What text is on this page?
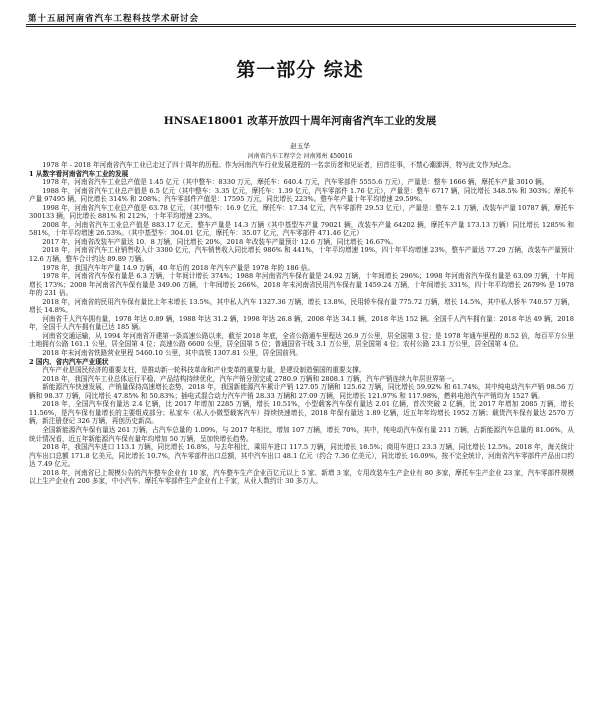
第十五届河南省汽车工程科技学术研讨会
第一部分 综述
HNSAE18001 改革开放四十周年河南省汽车工业的发展
赵玉华
河南省汽车工程学会 河南郑州 450016

1978 年 - 2018 年河南省汽车工业已走过了四十周年的历程。作为河南汽车行业发展进程的一名亲历者和见证者，回首往事，不禁心潮澎湃，特写此文作为纪念。

1 从数字看河南省汽车工业的发展

1978 年，河南省汽车工业总产值是 1.45 亿元（其中整车：8330 万元，摩托车：640.4 万元，汽车零部件 5555.6 万元），产量是：整车 1666 辆，摩托车产量 3010 辆。

1988 年，河南省汽车工业总产值是 6.5 亿元（其中整车：3.35 亿元，摩托车：1.39 亿元，汽车零部件 1.76 亿元），产量是：整车 6717 辆，同比增长 348.5% 和 303%；摩托车产量 97495 辆，同比增长 314% 和 208%；汽车零部件产值是：17595 万元，同比增长 223%。整车年产量十年平均增速 29.59%。

1998 年，河南省汽车工业总产值是 63.78 亿元，（其中整车：16.9 亿元，摩托车：17.34 亿元，汽车零部件 29.53 亿元），产量是：整车 2.1 万辆，改装车产量 10787 辆，摩托车 300133 辆，同比增长 881% 和 212%，十年平均增速 23%。

2008 年，河南省汽车工业总产值是 883.17 亿元，整车产量是 14.3 万辆（其中基型车产量 79021 辆，改装车产量 64202 辆，摩托车产量 173.13 万辆）同比增长 1285% 和 581%，十年平均增速 26.53%。（其中基型车：304.01 亿元，摩托车：35.07 亿元，汽车零部件 471.46 亿元）

2017 年，河南省改装车产量达 10．8 万辆，同比增长 20%，2018 年改装车产量预计 12.6 万辆，同比增长 16.67%。

2018 年，河南省汽车工业销售收入计 3300 亿元，汽车销售收入同比增长 986% 和 441%，十年平均增速 19%，四十年平均增速 23%，整车产量达 77.29 万辆，改装车产量预计 12.6 万辆，整车合计约达 89.89 万辆。

1978 年，我国汽车年产量 14.9 万辆，40 年后的 2018 年汽车产量是 1978 年的 186 倍。

1978 年，河南省汽车保有量是 6.3 万辆，十年间计增长 374%；1988 年河南省汽车保有量是 24.92 万辆，十年间增长 296%；1998 年河南省汽车保有量是 63.09 万辆，十年间增长 173%；2008 年河南省汽车保有量是 349.06 万辆，十年间增长 266%，2018 年末河南省民用汽车保有量 1459.24 万辆，十年间增长 331%，四十年平均增长 2679% 是 1978 年的 231 倍。

2018 年，河南省的民用汽车保有量比上年末增长 13.5%，其中私人汽车 1327.36 万辆，增长 13.8%，民用轿车保有量 775.72 万辆，增长 14.5%，其中私人轿车 740.57 万辆，增长 14.8%。

河南省千人汽车拥有量，1978 年达 0.89 辆，1988 年达 31.2 辆，1998 年达 26.8 辆，2008 年达 34.1 辆，2018 年达 152 辆。全国千人汽车拥有量：2018 年达 49 辆，2018 年，全国千人汽车拥有量已达 185 辆。

河南省交通运输，从 1994 年河南省开建第一条高速公路以来，截至 2018 年底，全省公路通车里程达 26.9 万公里，居全国第 3 位；是 1978 年通车里程的 8.52 倍，每百平方公里土地拥有公路 161.1 公里，居全国第 4 位；高速公路 6600 公里，居全国第 5 位；普通国省干线 3.1 万公里，居全国第 4 位；农村公路 23.1 万公里，居全国第 4 位。

2018 年末河南省铁路营业里程 5460.10 公里，其中高铁 1307.81 公里，居全国前列。

2 国内、省内汽车产业现状

汽车产业是国民经济的重要支柱，是推动新一轮科技革命和产业变革的重要力量，是建设制造强国的重要支撑。

2018 年，我国汽车工业总体运行平稳，产品结构持续优化，汽车产销分别完成 2780.9 万辆和 2808.1 万辆，汽车产销连续九年居世界第一。

新能源汽车快速发展，产销量保持高速增长态势，2018 年，我国新能源汽车累计产销 127.05 万辆和 125.62 万辆，同比增长 59.92% 和 61.74%，其中纯电动汽车产销 98.56 万辆和 98.37 万辆，同比增长 47.85% 和 50.83%；插电式混合动力汽车产销 28.33 万辆和 27.09 万辆，同比增长 121.97% 和 117.98%，燃料电池汽车产销均为 1527 辆。

2018 年，全国汽车保有量达 2.4 亿辆，比 2017 年增加 2285 万辆，增长 10.51%，小型载客汽车保有量达 2.01 亿辆，首次突破 2 亿辆，比 2017 年增加 2085 万辆，增长 11.56%，是汽车保有量增长的主要组成部分；私家车（私人小微型载客汽车）持续快速增长，2018 年保有量达 1.89 亿辆，近五年年均增长 1952 万辆；载货汽车保有量达 2570 万辆，新注册登记 326 万辆，再创历史新高。

全国新能源汽车保有量达 261 万辆，占汽车总量的 1.09%，与 2017 年相比，增加 107 万辆，增长 70%，其中，纯电动汽车保有量 211 万辆，占新能源汽车总量的 81.06%，从统计情况看，近五年新能源汽车保有量年均增加 50 万辆，呈加快增长趋势。

2018 年，我国汽车进口 113.1 万辆，同比增长 16.8%，与去年相比，乘用车进口 117.5 万辆，同比增长 18.5%；商用车进口 23.3 万辆，同比增长 12.5%。2018 年，海关统计汽车出口总额 171.8 亿美元，同比增长 10.7%，汽车零部件出口总额，其中汽车出口 48.1 亿元（约合 7.36 亿美元），同比增长 16.09%，按不完全统计，河南省汽车零部件产品出口约达 7.49 亿元。

2018 年，河南省已上规模公告的汽车整车企业有 10 家，汽车整车生产企业百亿元以上 5 家、新增 3 家，专用改装车生产企业有 80 多家，摩托车生产企业 23 家，汽车零部件规模以上生产企业有 200 多家，中小汽车、摩托车零部件生产企业有上千家，从业人数约计 30 多万人。
